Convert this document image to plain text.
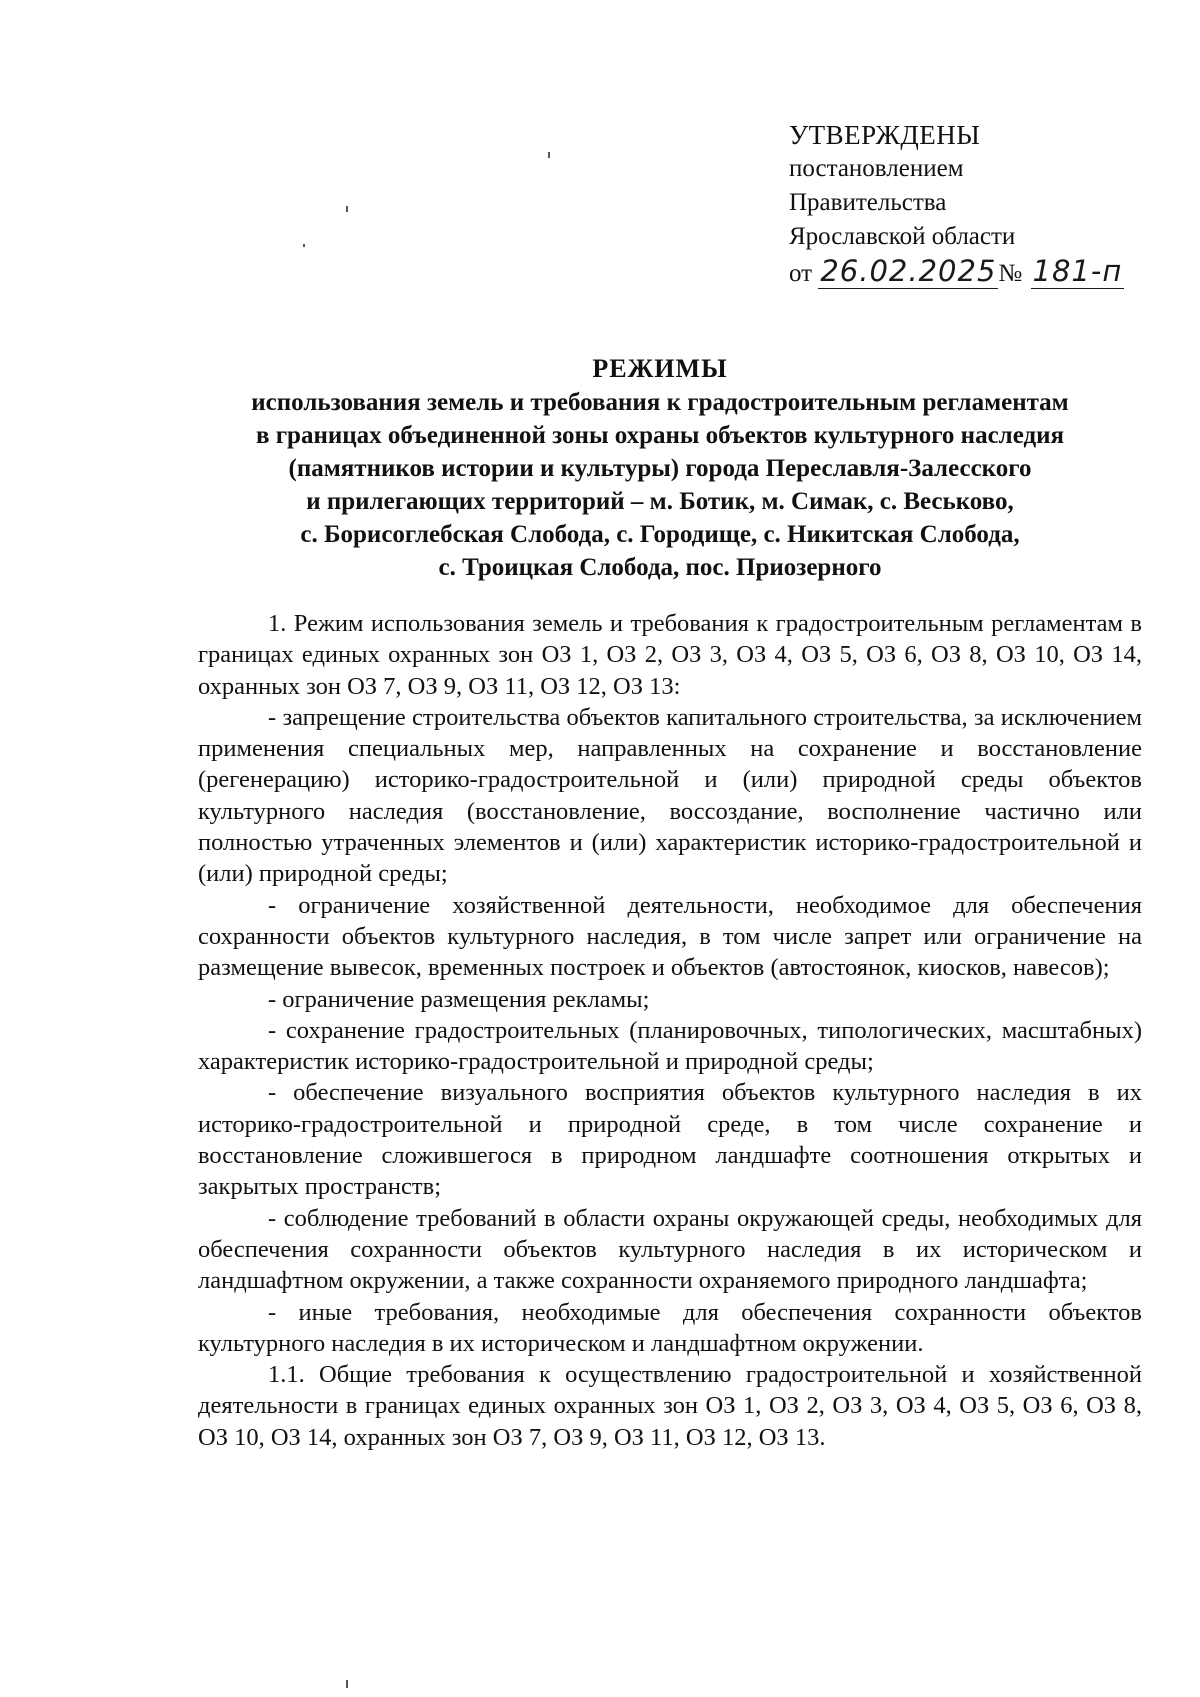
УТВЕРЖДЕНЫ
постановлением
Правительства
Ярославской области
от 26.02.2025№ 181-п
РЕЖИМЫ
использования земель и требования к градостроительным регламентам
в границах объединенной зоны охраны объектов культурного наследия
(памятников истории и культуры) города Переславля-Залесского
и прилегающих территорий – м. Ботик, м. Симак, с. Веськово,
с. Борисоглебская Слобода, с. Городище, с. Никитская Слобода,
с. Троицкая Слобода, пос. Приозерного

1. Режим использования земель и требования к градостроительным регламентам в границах единых охранных зон ОЗ 1, ОЗ 2, ОЗ 3, ОЗ 4, ОЗ 5, ОЗ 6, ОЗ 8, ОЗ 10, ОЗ 14, охранных зон ОЗ 7, ОЗ 9, ОЗ 11, ОЗ 12, ОЗ 13:

- запрещение строительства объектов капитального строительства, за исключением применения специальных мер, направленных на сохранение и восстановление (регенерацию) историко-градостроительной и (или) природной среды объектов культурного наследия (восстановление, воссоздание, восполнение частично или полностью утраченных элементов и (или) характеристик историко-градостроительной и (или) природной среды;

- ограничение хозяйственной деятельности, необходимое для обеспечения сохранности объектов культурного наследия, в том числе запрет или ограничение на размещение вывесок, временных построек и объектов (автостоянок, киосков, навесов);

- ограничение размещения рекламы;

- сохранение градостроительных (планировочных, типологических, масштабных) характеристик историко-градостроительной и природной среды;

- обеспечение визуального восприятия объектов культурного наследия в их историко-градостроительной и природной среде, в том числе сохранение и восстановление сложившегося в природном ландшафте соотношения открытых и закрытых пространств;

- соблюдение требований в области охраны окружающей среды, необходимых для обеспечения сохранности объектов культурного наследия в их историческом и ландшафтном окружении, а также сохранности охраняемого природного ландшафта;

- иные требования, необходимые для обеспечения сохранности объектов культурного наследия в их историческом и ландшафтном окружении.

1.1. Общие требования к осуществлению градостроительной и хозяйственной деятельности в границах единых охранных зон ОЗ 1, ОЗ 2, ОЗ 3, ОЗ 4, ОЗ 5, ОЗ 6, ОЗ 8, ОЗ 10, ОЗ 14, охранных зон ОЗ 7, ОЗ 9, ОЗ 11, ОЗ 12, ОЗ 13.
